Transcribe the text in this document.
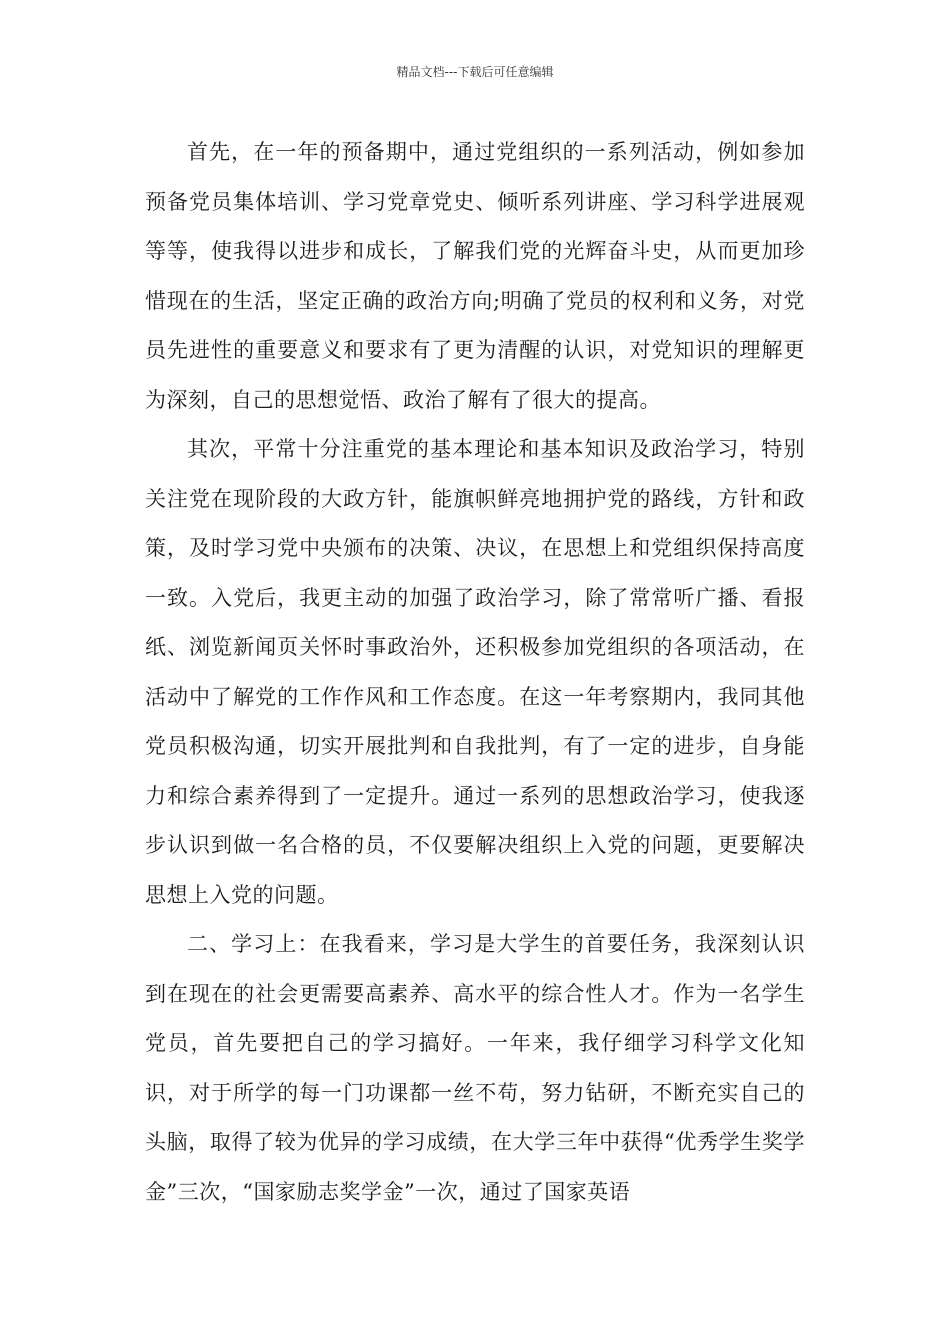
精品文档---下载后可任意编辑

首先，在一年的预备期中，通过党组织的一系列活动，例如参加预备党员集体培训、学习党章党史、倾听系列讲座、学习科学进展观等等，使我得以进步和成长，了解我们党的光辉奋斗史，从而更加珍惜现在的生活，坚定正确的政治方向;明确了党员的权利和义务，对党员先进性的重要意义和要求有了更为清醒的认识，对党知识的理解更为深刻，自己的思想觉悟、政治了解有了很大的提高。

其次，平常十分注重党的基本理论和基本知识及政治学习，特别关注党在现阶段的大政方针，能旗帜鲜亮地拥护党的路线，方针和政策，及时学习党中央颁布的决策、决议，在思想上和党组织保持高度一致。入党后，我更主动的加强了政治学习，除了常常听广播、看报纸、浏览新闻页关怀时事政治外，还积极参加党组织的各项活动，在活动中了解党的工作作风和工作态度。在这一年考察期内，我同其他党员积极沟通，切实开展批判和自我批判，有了一定的进步，自身能力和综合素养得到了一定提升。通过一系列的思想政治学习，使我逐步认识到做一名合格的员，不仅要解决组织上入党的问题，更要解决思想上入党的问题。

二、学习上：在我看来，学习是大学生的首要任务，我深刻认识到在现在的社会更需要高素养、高水平的综合性人才。作为一名学生党员，首先要把自己的学习搞好。一年来，我仔细学习科学文化知识，对于所学的每一门功课都一丝不苟，努力钻研，不断充实自己的头脑，取得了较为优异的学习成绩，在大学三年中获得“优秀学生奖学金”三次，“国家励志奖学金”一次，通过了国家英语
